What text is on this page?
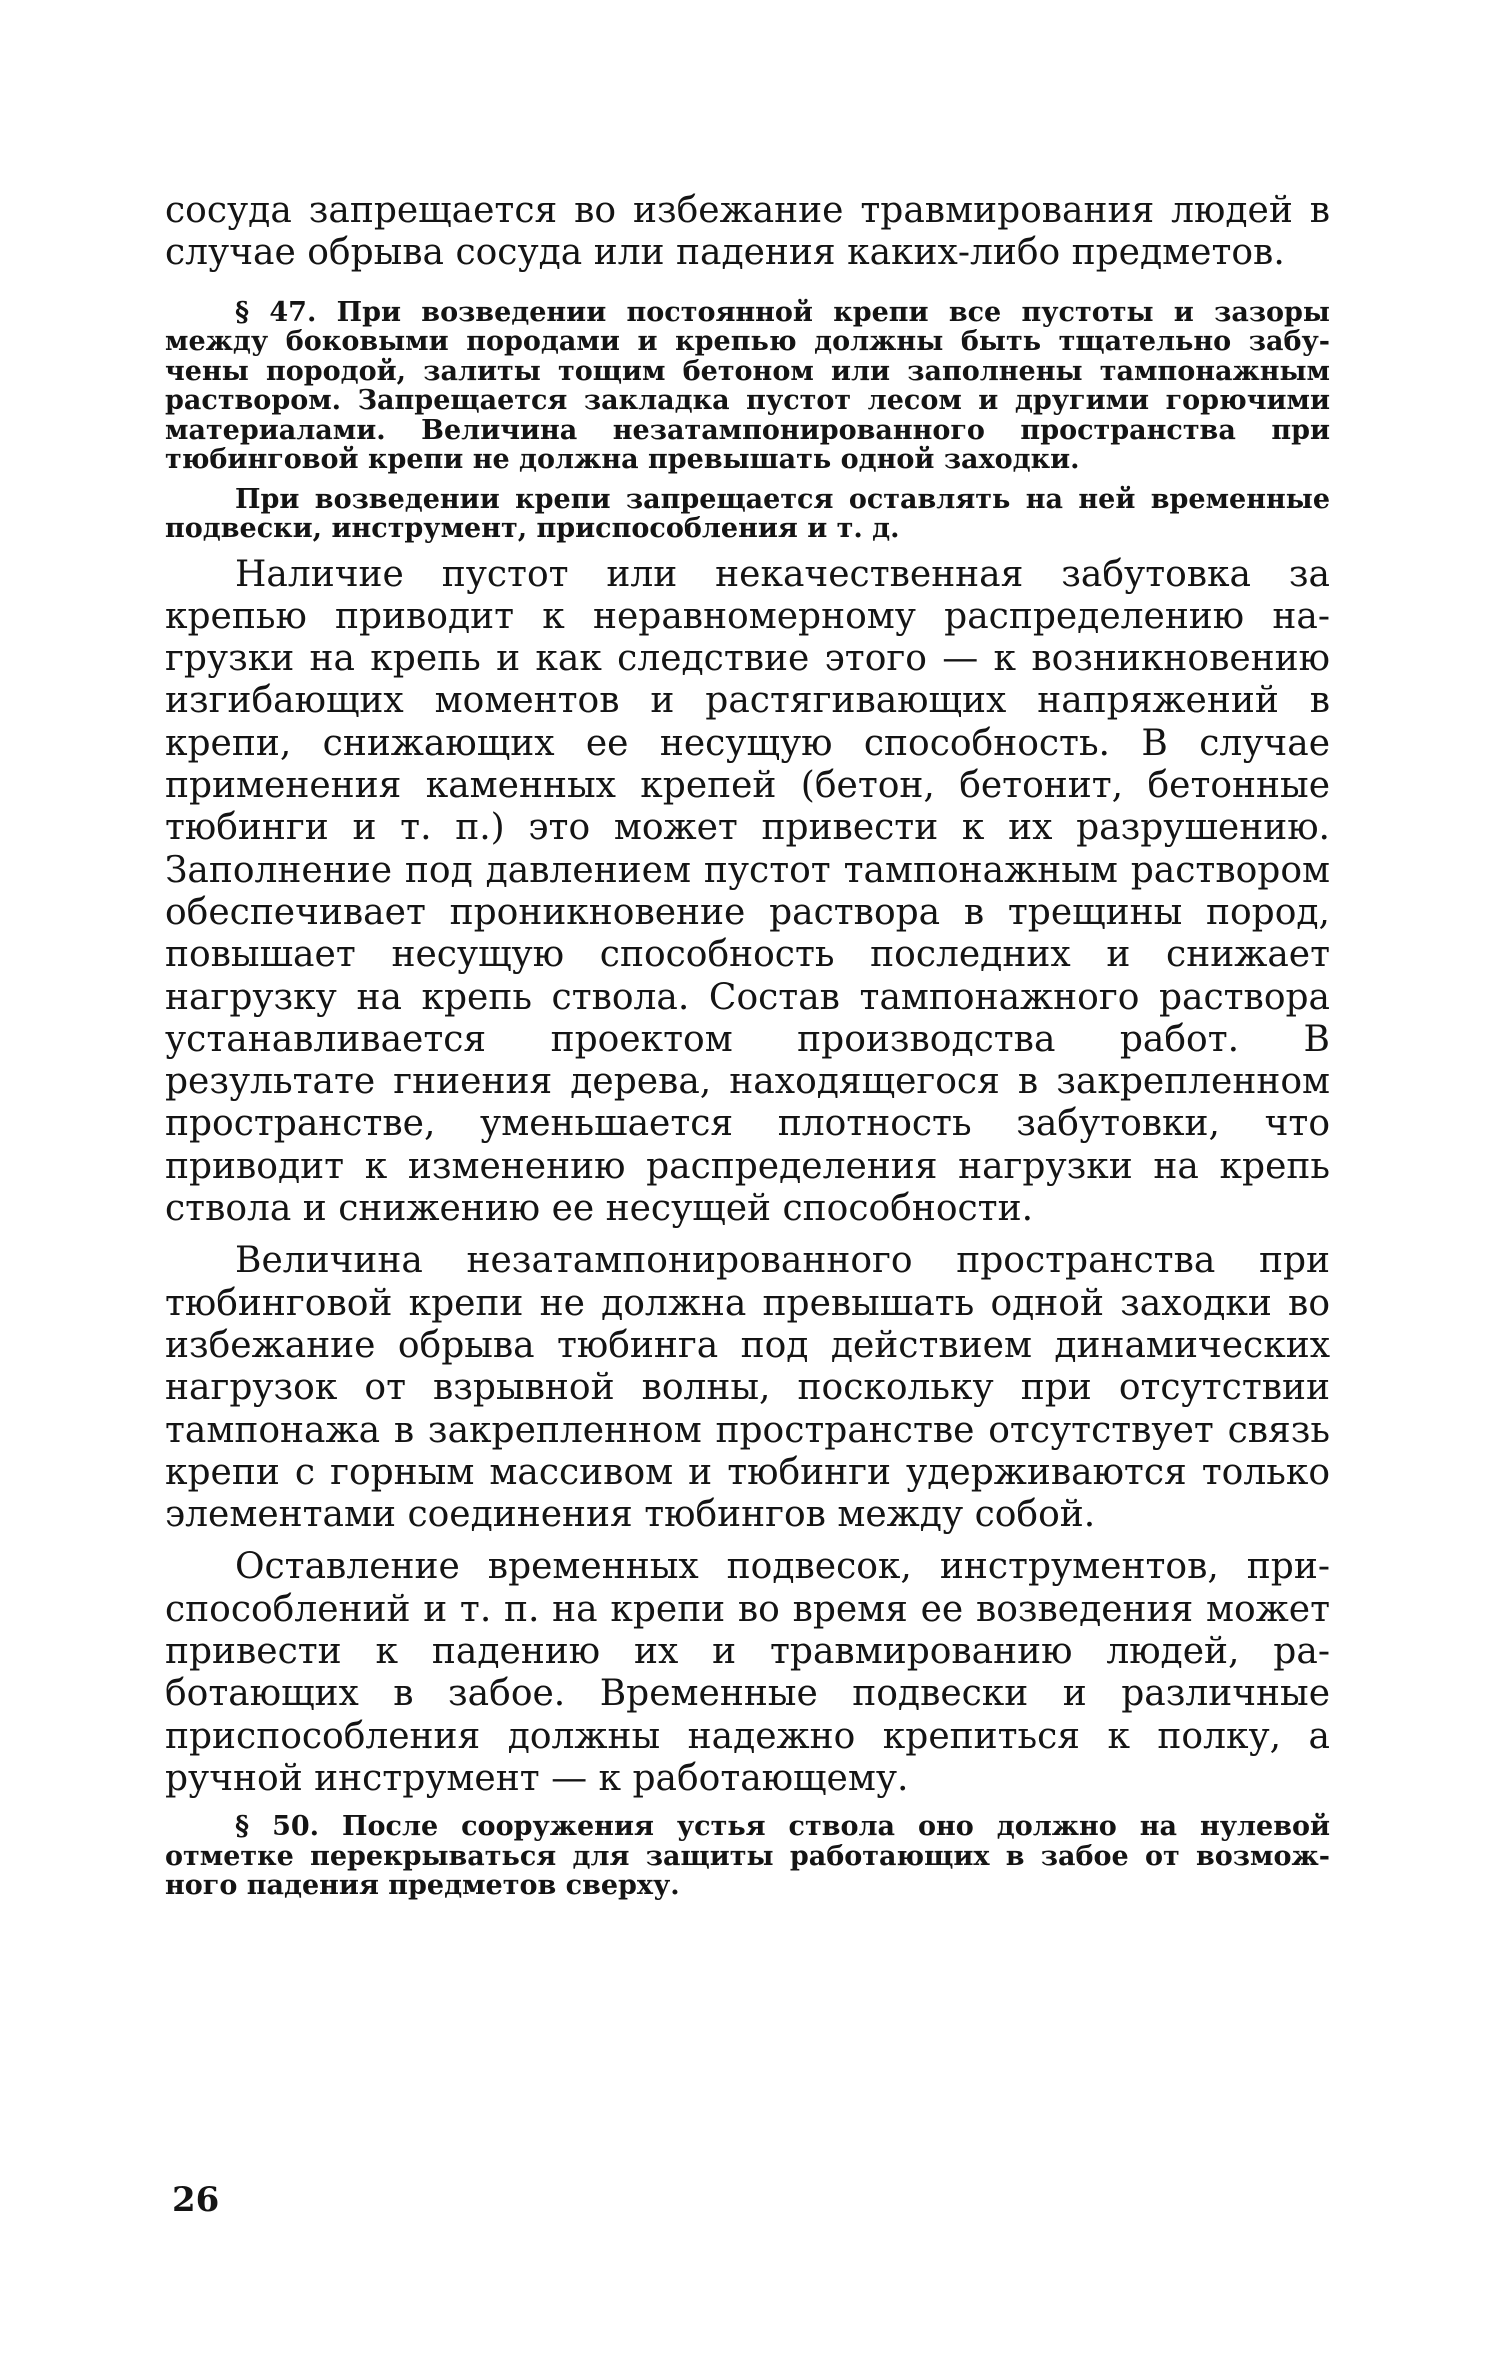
сосуда запрещается во избежание травмирования людей в случае обрыва сосуда или падения каких-либо предметов.

§ 47. При возведении постоянной крепи все пустоты и зазоры между боковыми породами и крепью должны быть тщательно забучены породой, залиты тощим бетоном или заполнены тампонажным раствором. Запрещается закладка пустот лесом и другими горючими материалами. Величина незатампонированного пространства при тюбинговой крепи не должна превышать одной заходки.

При возведении крепи запрещается оставлять на ней временные подвески, инструмент, приспособления и т. д.

Наличие пустот или некачественная забутовка за крепью приводит к неравномерному распределению нагрузки на крепь и как следствие этого — к возникновению изгибающих моментов и растягивающих напряжений в крепи, снижающих ее несущую способность. В случае применения каменных крепей (бетон, бетонит, бетонные тюбинги и т. п.) это может привести к их разрушению. Заполнение под давлением пустот тампонажным раствором обеспечивает проникновение раствора в трещины пород, повышает несущую способность последних и снижает нагрузку на крепь ствола. Состав тампонажного раствора устанавливается проектом производства работ. В результате гниения дерева, находящегося в закрепленном пространстве, уменьшается плотность забутовки, что приводит к изменению распределения нагрузки на крепь ствола и снижению ее несущей способности.

Величина незатампонированного пространства при тюбинговой крепи не должна превышать одной заходки во избежание обрыва тюбинга под действием динамических нагрузок от взрывной волны, поскольку при отсутствии тампонажа в закрепленном пространстве отсутствует связь крепи с горным массивом и тюбинги удерживаются только элементами соединения тюбингов между собой.

Оставление временных подвесок, инструментов, приспособлений и т. п. на крепи во время ее возведения может привести к падению их и травмированию людей, работающих в забое. Временные подвески и различные приспособления должны надежно крепиться к полку, а ручной инструмент — к работающему.

§ 50. После сооружения устья ствола оно должно на нулевой отметке перекрываться для защиты работающих в забое от возможного падения предметов сверху.

26
